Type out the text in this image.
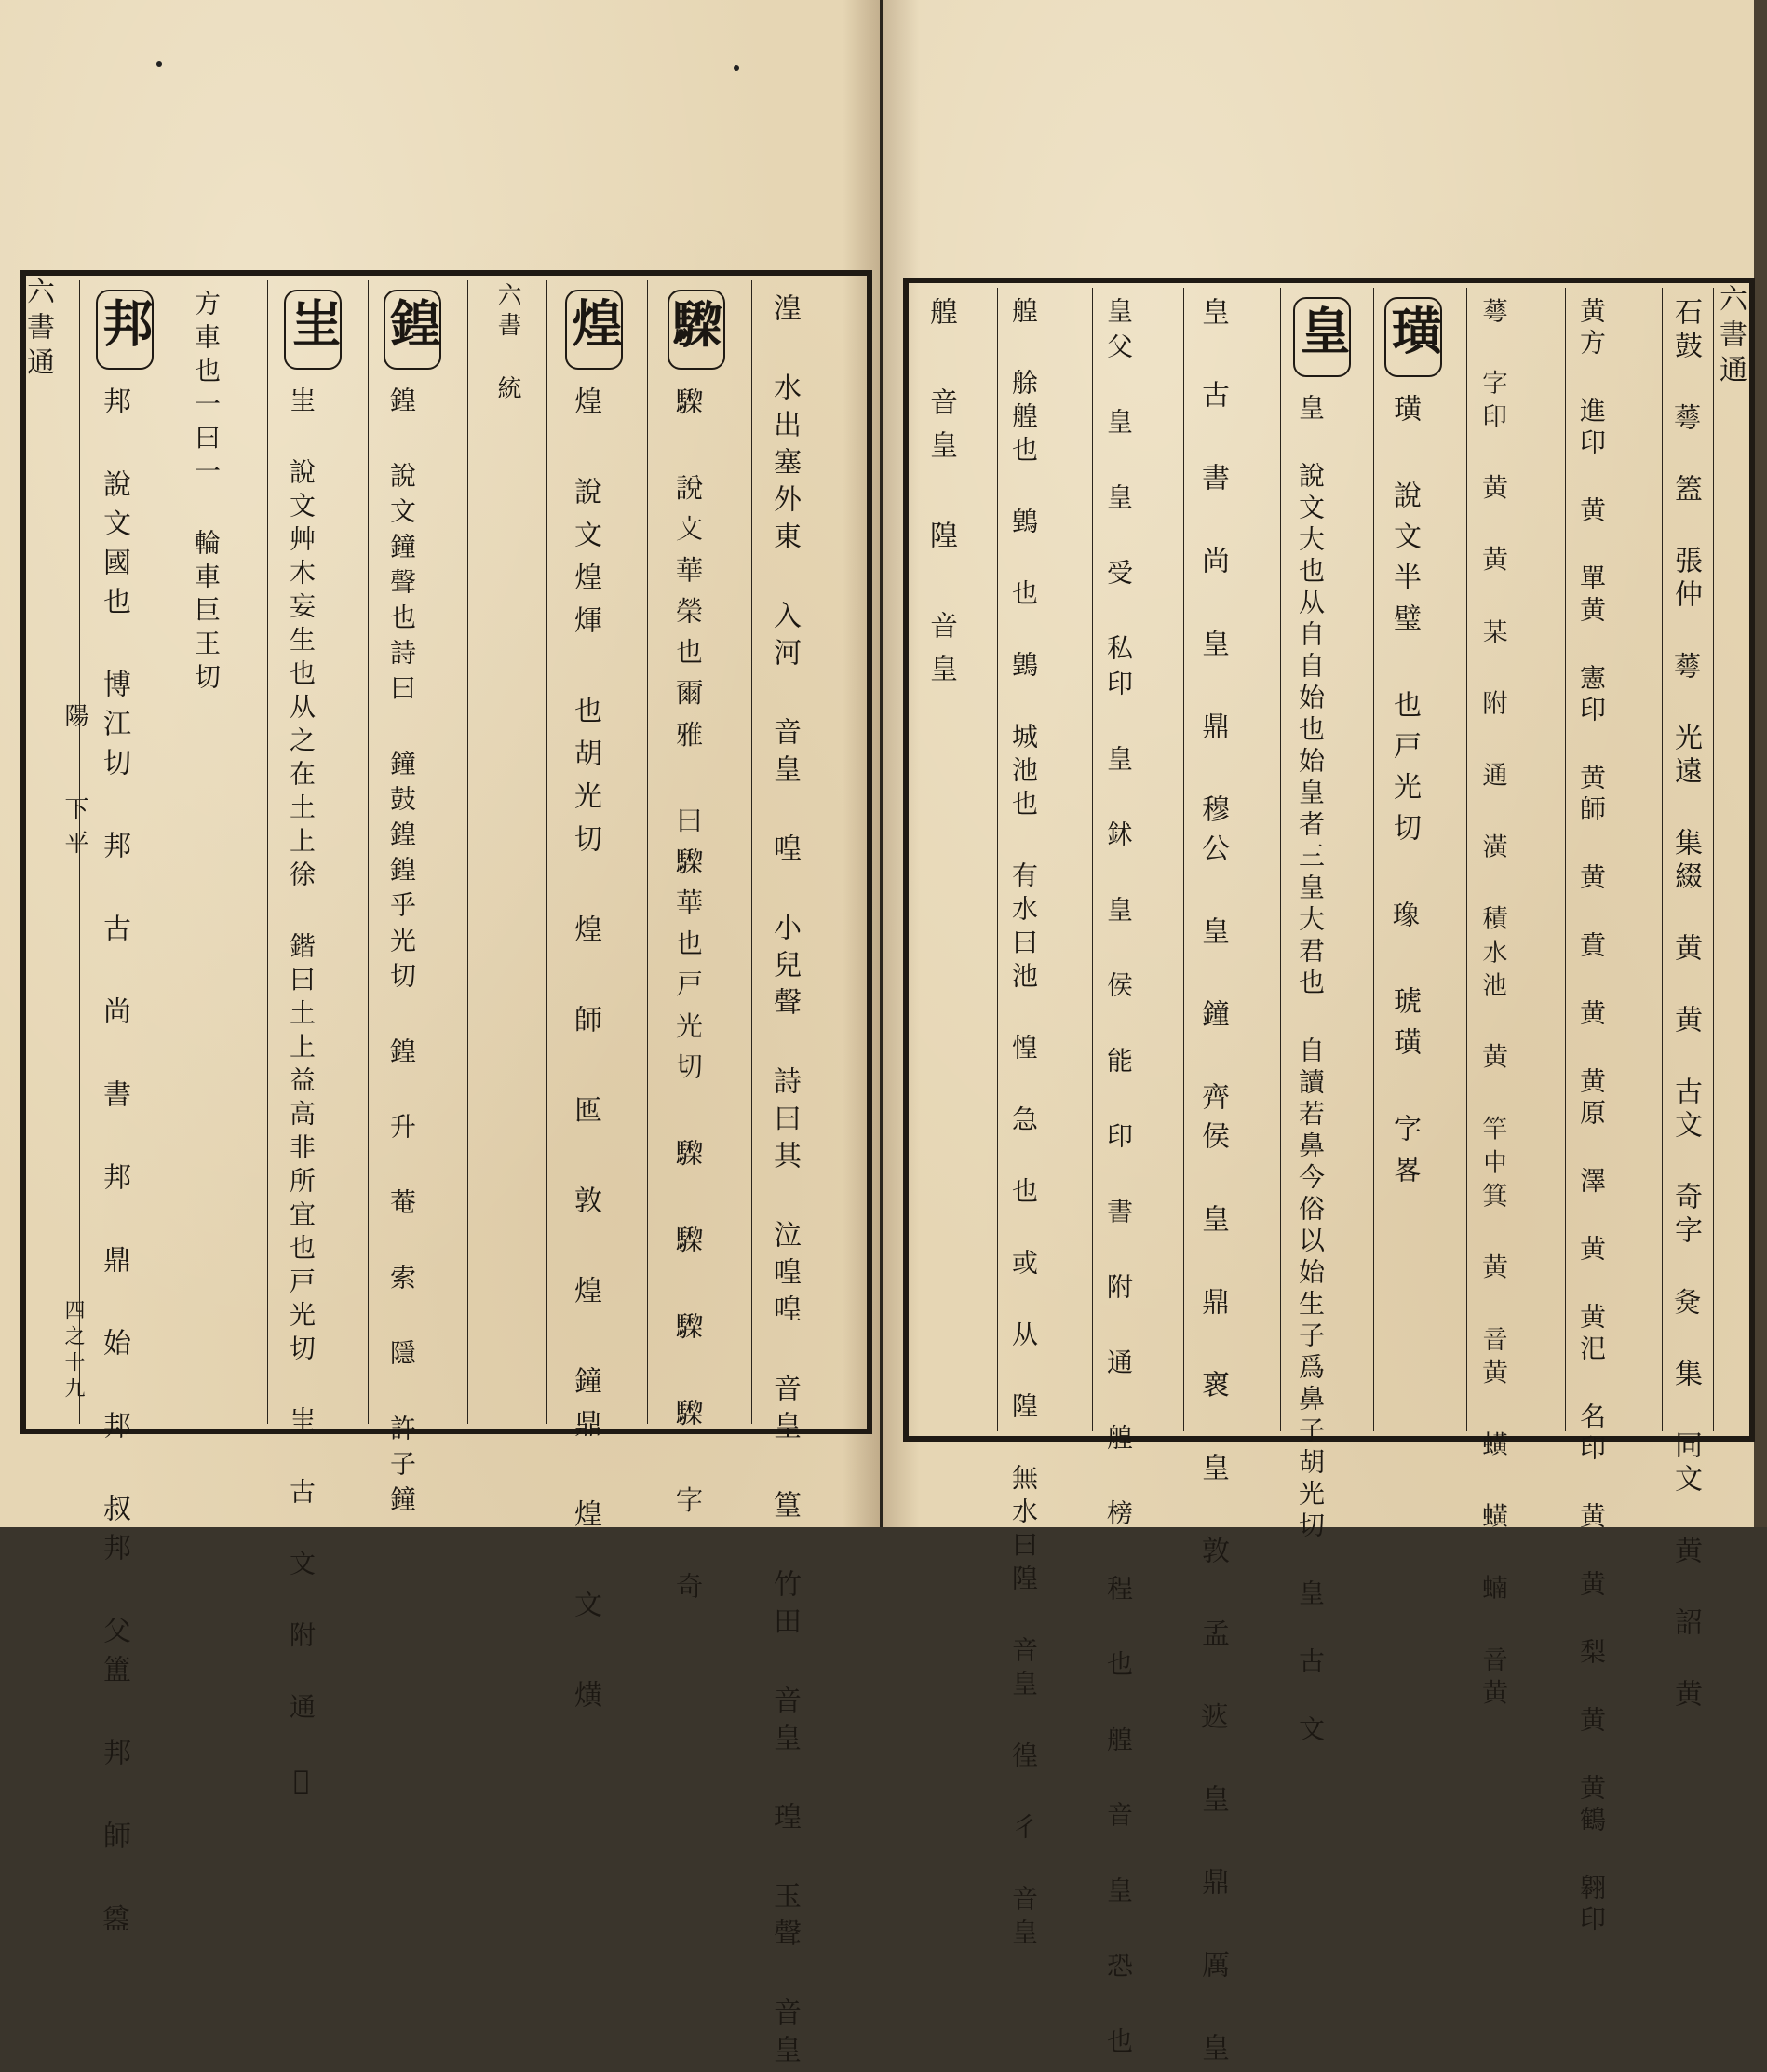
六書通
陽
下平
四之十九
六書 統	湟 水出塞外東 入河 音皇 喤 小兒聲 詩曰其 泣喤喤 音皇 篁 竹田 音皇 瑝 玉聲 音皇
𩦅
𩦅 說文華榮也爾雅 曰𩦅華也戸光切 𩦅 𩦅 𩦅 𩦅 字 奇
煌
煌 說文煌煇 也胡光切 煌 師 匜 敦 煌 鐘鼎 煌 文 熿
鍠
鍠 說文鐘聲也詩曰 鐘鼓鍠鍠乎光切 鍠 升 菴 索 隱 許子鐘
㞷
㞷 說文艸木妄生也从之在土上徐 鍇曰土上益高非所宜也戸光切 㞷 古 文 附 通 𨌊
方車也一曰一 輪車巨王切
邦
邦 說文國也 博江切 邦 古 尚 書 邦 鼎 始 邦 叔邦 父簠 邦 師 𥂴
六書通
石鼓 𦾓 篕 張仲 𦾓 光遠 集綴 黄 黄 古文 奇字 𡕛 集 同文 黄 詔 黄
黄方 進印 黄 單黄 憲印 黄師 黄 賁 黄 黄原 澤 黄 黄汜 名印 黄 黄 梨 黄 黄鶴 翱印
𦾓 字印 黄 黄 某 附 通 潢 積水池 黄 竿中箕 黄 音黄 蟥 蟥 蝻 音黄
璜
璜 說文半璧 也戸光切 𤩪 琥璜 字畧
皇
皇 說文大也从自自始也始皇者三皇大君也 自讀若鼻今俗以始生子爲鼻子胡光切 皇 古 文
皇 古 書 尚 皇 鼎 穆公 皇 鐘 齊侯 皇 鼎 褱 皇 敦 孟 𨓩 皇 鼎 厲 皇
皇父 皇 皇 受 私印 皇 鉥 皇 侯 能 印 書 附 通 艎 榜 程 也 艎 音 皇 恐 也
艎 艅艎也 䳨 也 䳨 城池也 有水曰池 惶 急 也 或 从 隍 無水曰隍 音皇 徨 彳 音皇
艎 音皇 隍 音皇
